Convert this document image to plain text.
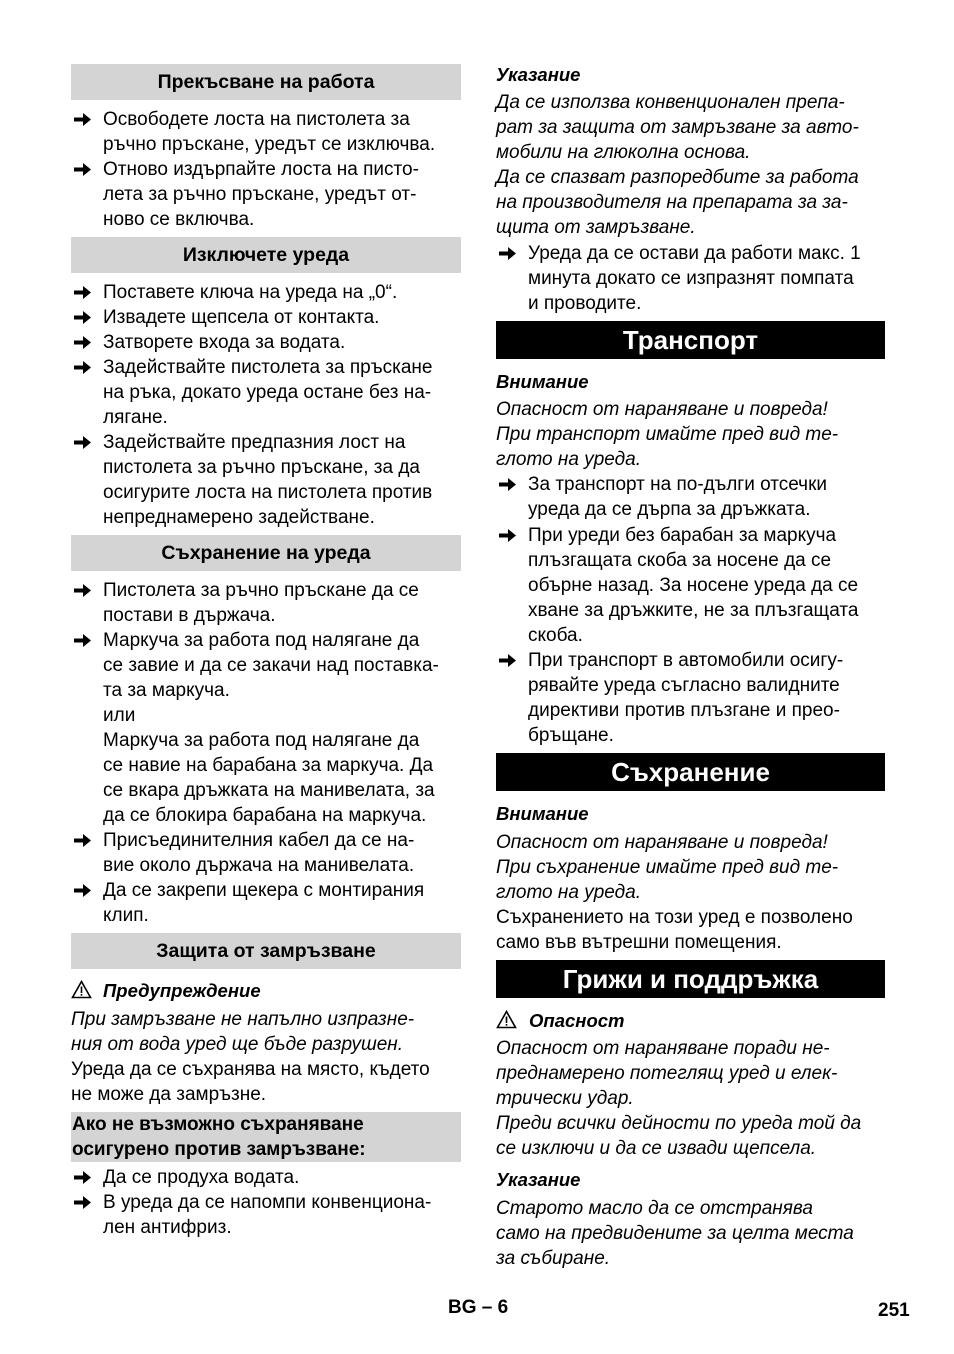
Прекъсване на работа
Освободете лоста на пистолета за
ръчно пръскане, уредът се изключва.
Отново издърпайте лоста на писто-
лета за ръчно пръскане, уредът от-
ново се включва.
Изключете уреда
Поставете ключа на уреда на „0“.
Извадете щепсела от контакта.
Затворете входа за водата.
Задействайте пистолета за пръскане
на ръка, докато уреда остане без на-
лягане.
Задействайте предпазния лост на
пистолета за ръчно пръскане, за да
осигурите лоста на пистолета против
непреднамерено задействане.
Съхранение на уреда
Пистолета за ръчно пръскане да се
постави в държача.
Маркуча за работа под налягане да
се завие и да се закачи над поставка-
та за маркуча.
или
Маркуча за работа под налягане да
се навие на барабана за маркуча. Да
се вкара дръжката на манивелата, за
да се блокира барабана на маркуча.
Присъединителния кабел да се на-
вие около държача на манивелата.
Да се закрепи щекера с монтирания
клип.
Защита от замръзване
Предупреждение
При замръзване не напълно изпразне-
ния от вода уред ще бъде разрушен.
Уреда да се съхранява на място, където
не може да замръзне.
Ако не възможно съхраняване
осигурено против замръзване:
Да се продуха водата.
В уреда да се напомпи конвенциона-
лен антифриз.
Указание
Да се използва конвенционален препа-
рат за защита от замръзване за авто-
мобили на глюколна основа.
Да се спазват разпоредбите за работа
на производителя на препарата за за-
щита от замръзване.
Уреда да се остави да работи макс. 1
минута докато се изпразнят помпата
и проводите.
Транспорт
Внимание
Опасност от нараняване и повреда!
При транспорт имайте пред вид те-
глото на уреда.
За транспорт на по-дълги отсечки
уреда да се дърпа за дръжката.
При уреди без барабан за маркуча
плъзгащата скоба за носене да се
обърне назад. За носене уреда да се
хване за дръжките, не за плъзгащата
скоба.
При транспорт в автомобили осигу-
рявайте уреда съгласно валидните
директиви против плъзгане и прео-
бръщане.
Съхранение
Внимание
Опасност от нараняване и повреда!
При съхранение имайте пред вид те-
глото на уреда.
Съхранението на този уред е позволено
само във вътрешни помещения.
Грижи и поддръжка
Опасност
Опасност от нараняване поради не-
преднамерено потеглящ уред и елек-
трически удар.
Преди всички дейности по уреда той да
се изключи и да се извади щепсела.
Указание
Старото масло да се отстранява
само на предвидените за целта места
за събиране.
BG – 6	251
